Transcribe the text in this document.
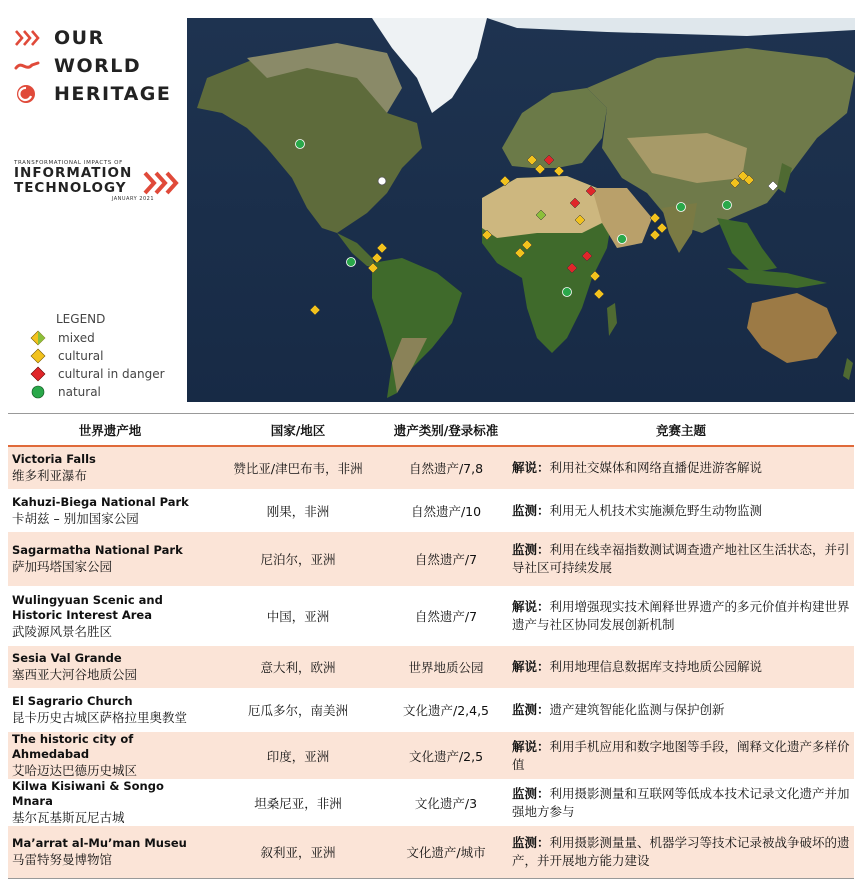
OUR
WORLD
HERITAGE
TRANSFORMATIONAL IMPACTS OF
INFORMATION
TECHNOLOGY
JANUARY 2021
LEGEND
mixed
cultural
cultural in danger
natural
世界遗产地	国家/地区	遗产类别/登录标准	竞赛主题

Victoria Falls
维多利亚瀑布	赞比亚/津巴布韦，非洲	自然遗产/7,8	解说：利用社交媒体和网络直播促进游客解说

Kahuzi-Biega National Park
卡胡兹 – 别加国家公园	刚果，非洲	自然遗产/10	监测：利用无人机技术实施濒危野生动物监测

Sagarmatha National Park
萨加玛塔国家公园	尼泊尔，亚洲	自然遗产/7	监测：利用在线幸福指数测试调查遗产地社区生活状态，并引导社区可持续发展

Wulingyuan Scenic and Historic Interest Area
武陵源风景名胜区	中国，亚洲	自然遗产/7	解说：利用增强现实技术阐释世界遗产的多元价值并构建世界遗产与社区协同发展创新机制

Sesia Val Grande
塞西亚大河谷地质公园	意大利，欧洲	世界地质公园	解说：利用地理信息数据库支持地质公园解说

El Sagrario Church
昆卡历史古城区萨格拉里奥教堂	厄瓜多尔，南美洲	文化遗产/2,4,5	监测：遗产建筑智能化监测与保护创新

The historic city of Ahmedabad
艾哈迈达巴德历史城区	印度，亚洲	文化遗产/2,5	解说：利用手机应用和数字地图等手段，阐释文化遗产多样价值

Kilwa Kisiwani & Songo Mnara
基尔瓦基斯瓦尼古城	坦桑尼亚，非洲	文化遗产/3	监测：利用摄影测量和互联网等低成本技术记录文化遗产并加强地方参与

Ma’arrat al-Mu’man Museu
马雷特努曼博物馆	叙利亚，亚洲	文化遗产/城市	监测：利用摄影测量量、机器学习等技术记录被战争破坏的遗产，并开展地方能力建设
